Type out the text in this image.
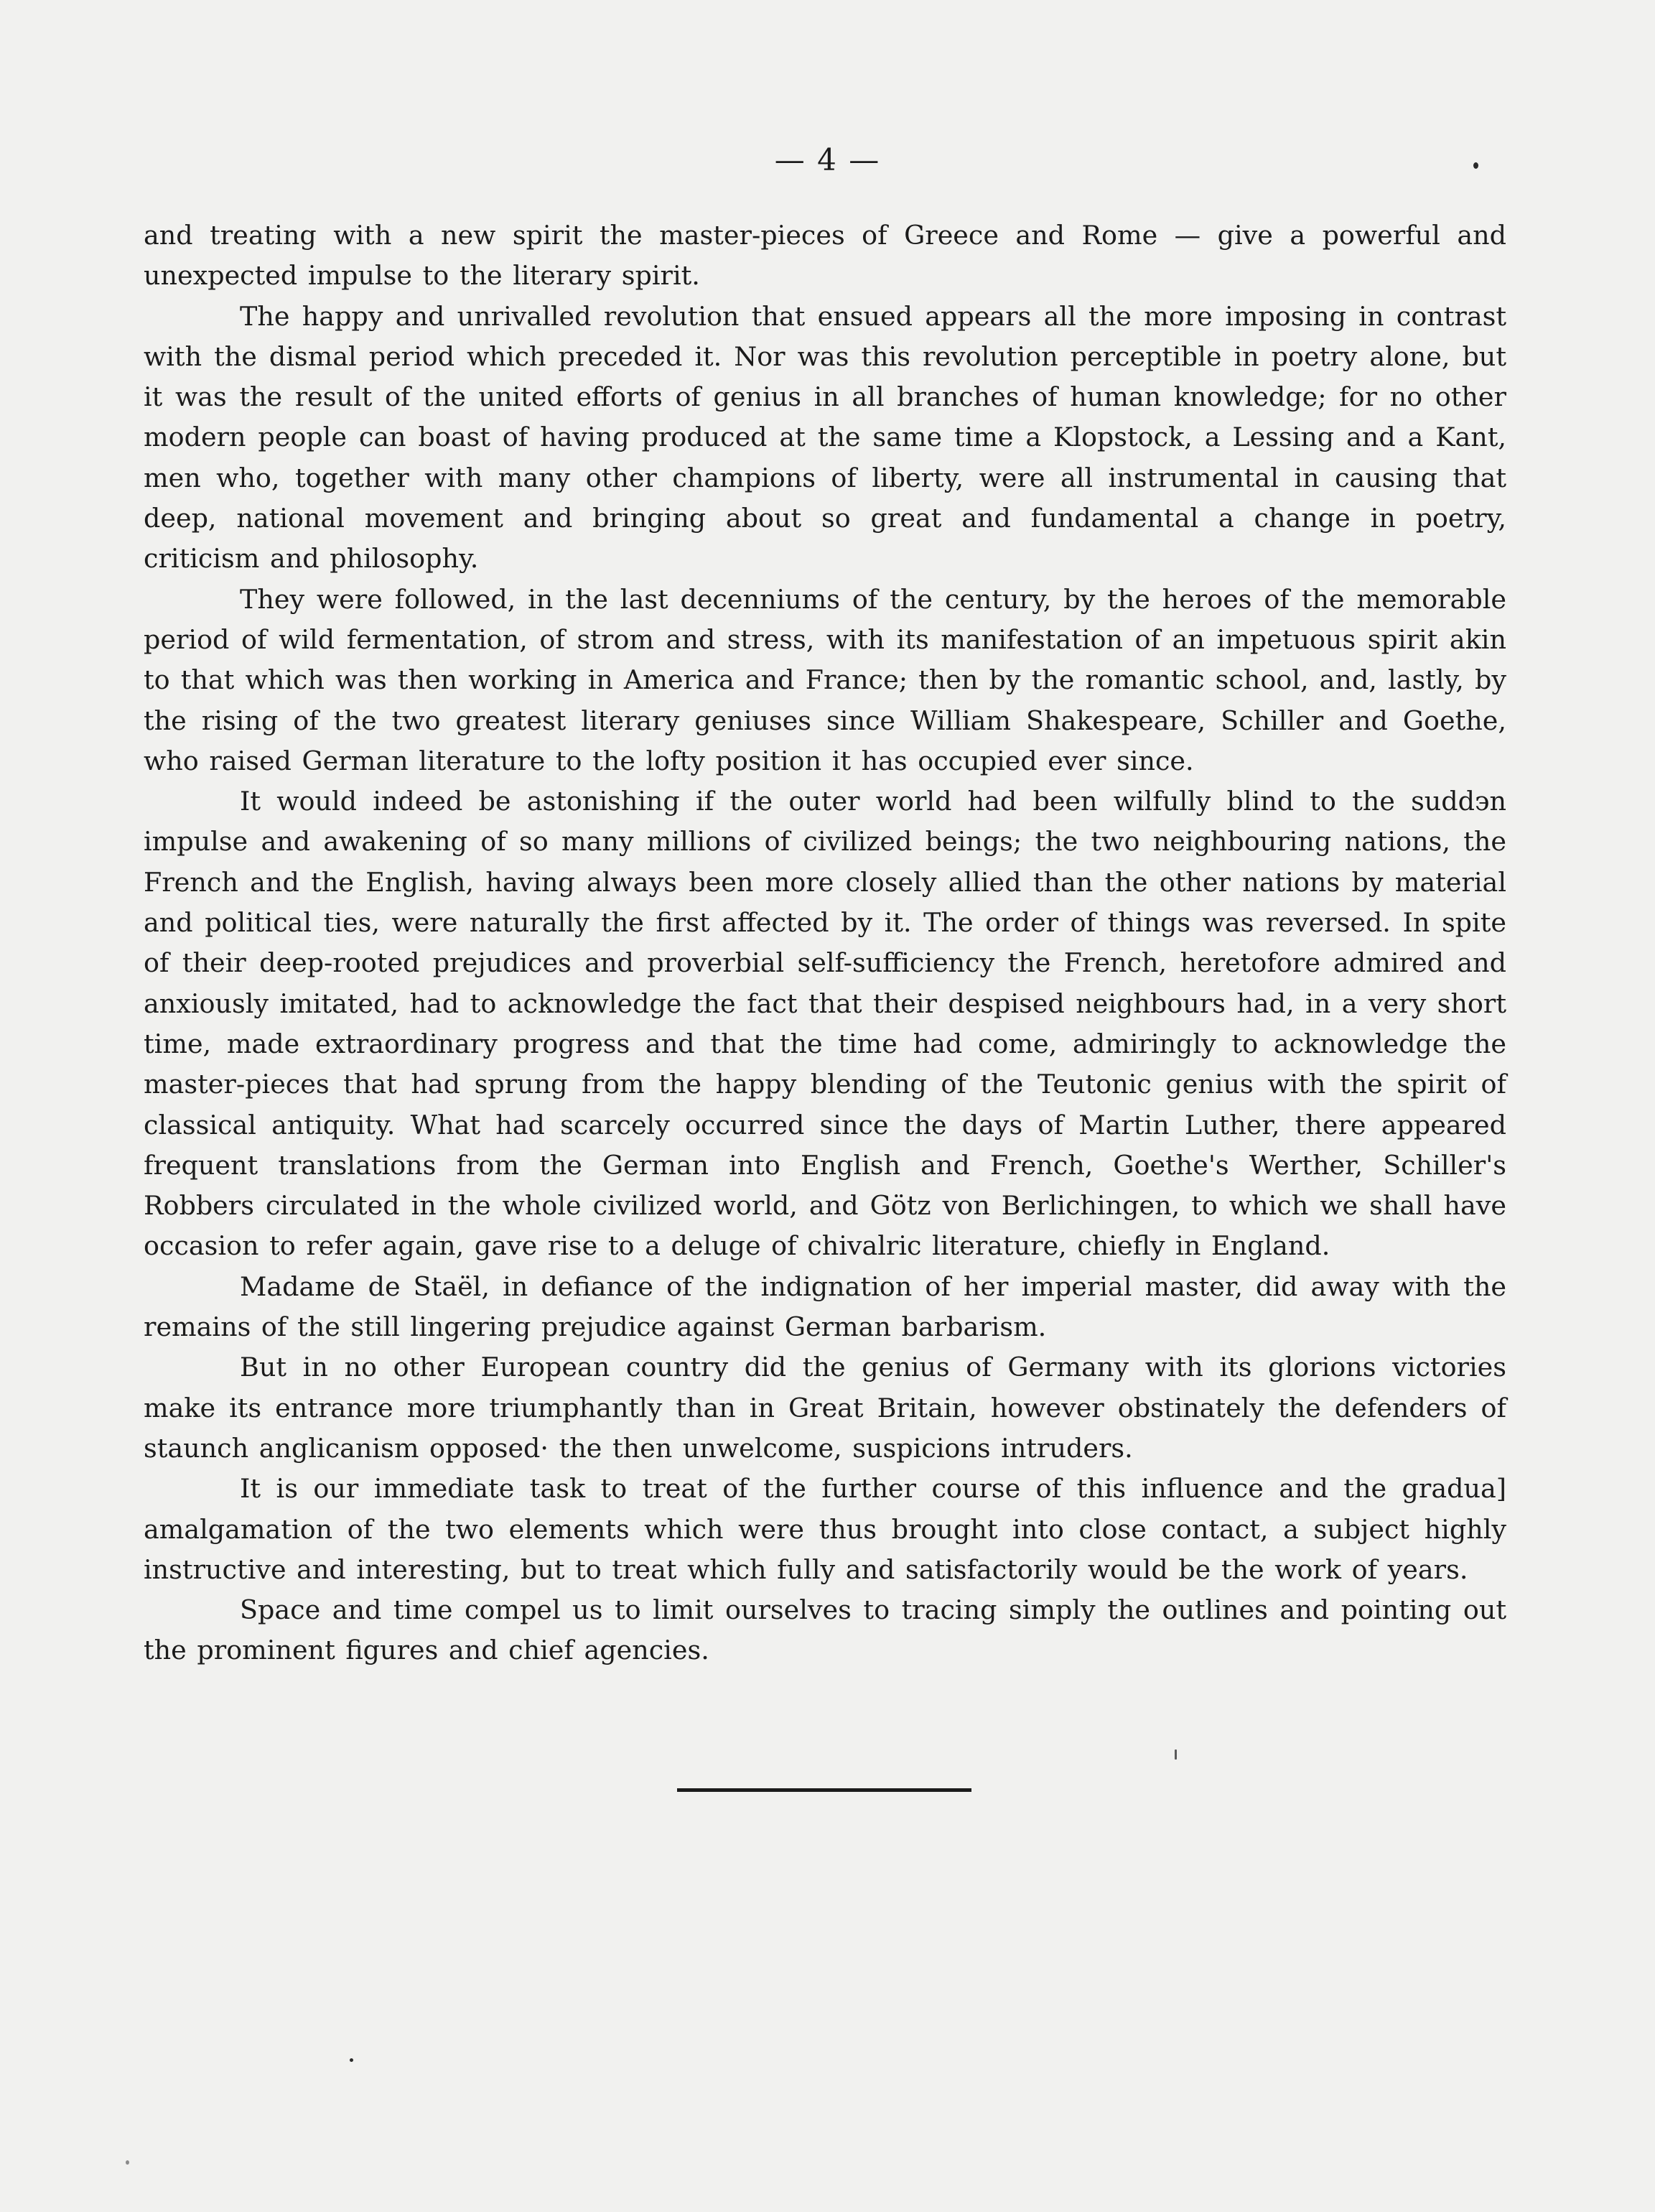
— 4 —

and treating with a new spirit the master-pieces of Greece and Rome — give a powerful and unexpected impulse to the literary spirit.

The happy and unrivalled revolution that ensued appears all the more imposing in contrast with the dismal period which preceded it. Nor was this revolution perceptible in poetry alone, but it was the result of the united efforts of genius in all branches of human knowledge; for no other modern people can boast of having produced at the same time a Klopstock, a Lessing and a Kant, men who, together with many other champions of liberty, were all instrumental in causing that deep, national movement and bringing about so great and fundamental a change in poetry, criticism and philosophy.

They were followed, in the last decenniums of the century, by the heroes of the memorable period of wild fermentation, of strom and stress, with its manifestation of an impetuous spirit akin to that which was then working in America and France; then by the romantic school, and, lastly, by the rising of the two greatest literary geniuses since William Shakespeare, Schiller and Goethe, who raised German literature to the lofty position it has occupied ever since.

It would indeed be astonishing if the outer world had been wilfully blind to the suddэn impulse and awakening of so many millions of civilized beings; the two neighbouring nations, the French and the English, having always been more closely allied than the other nations by material and political ties, were naturally the first affected by it. The order of things was reversed. In spite of their deep-rooted prejudices and proverbial self-sufficiency the French, heretofore admired and anxiously imitated, had to acknowledge the fact that their despised neighbours had, in a very short time, made extraordinary progress and that the time had come, admiringly to acknowledge the master-pieces that had sprung from the happy blending of the Teutonic genius with the spirit of classical antiquity. What had scarcely occurred since the days of Martin Luther, there appeared frequent translations from the German into English and French, Goethe's Werther, Schiller's Robbers circulated in the whole civilized world, and Götz von Berlichingen, to which we shall have occasion to refer again, gave rise to a deluge of chivalric literature, chiefly in England.

Madame de Staël, in defiance of the indignation of her imperial master, did away with the remains of the still lingering prejudice against German barbarism.

But in no other European country did the genius of Germany with its glorions victories make its entrance more triumphantly than in Great Britain, however obstinately the defenders of staunch anglicanism opposed· the then unwelcome, suspicions intruders.

It is our immediate task to treat of the further course of this influence and the gradua] amalgamation of the two elements which were thus brought into close contact, a subject highly instructive and interesting, but to treat which fully and satisfactorily would be the work of years.

Space and time compel us to limit ourselves to tracing simply the outlines and pointing out the prominent figures and chief agencies.
